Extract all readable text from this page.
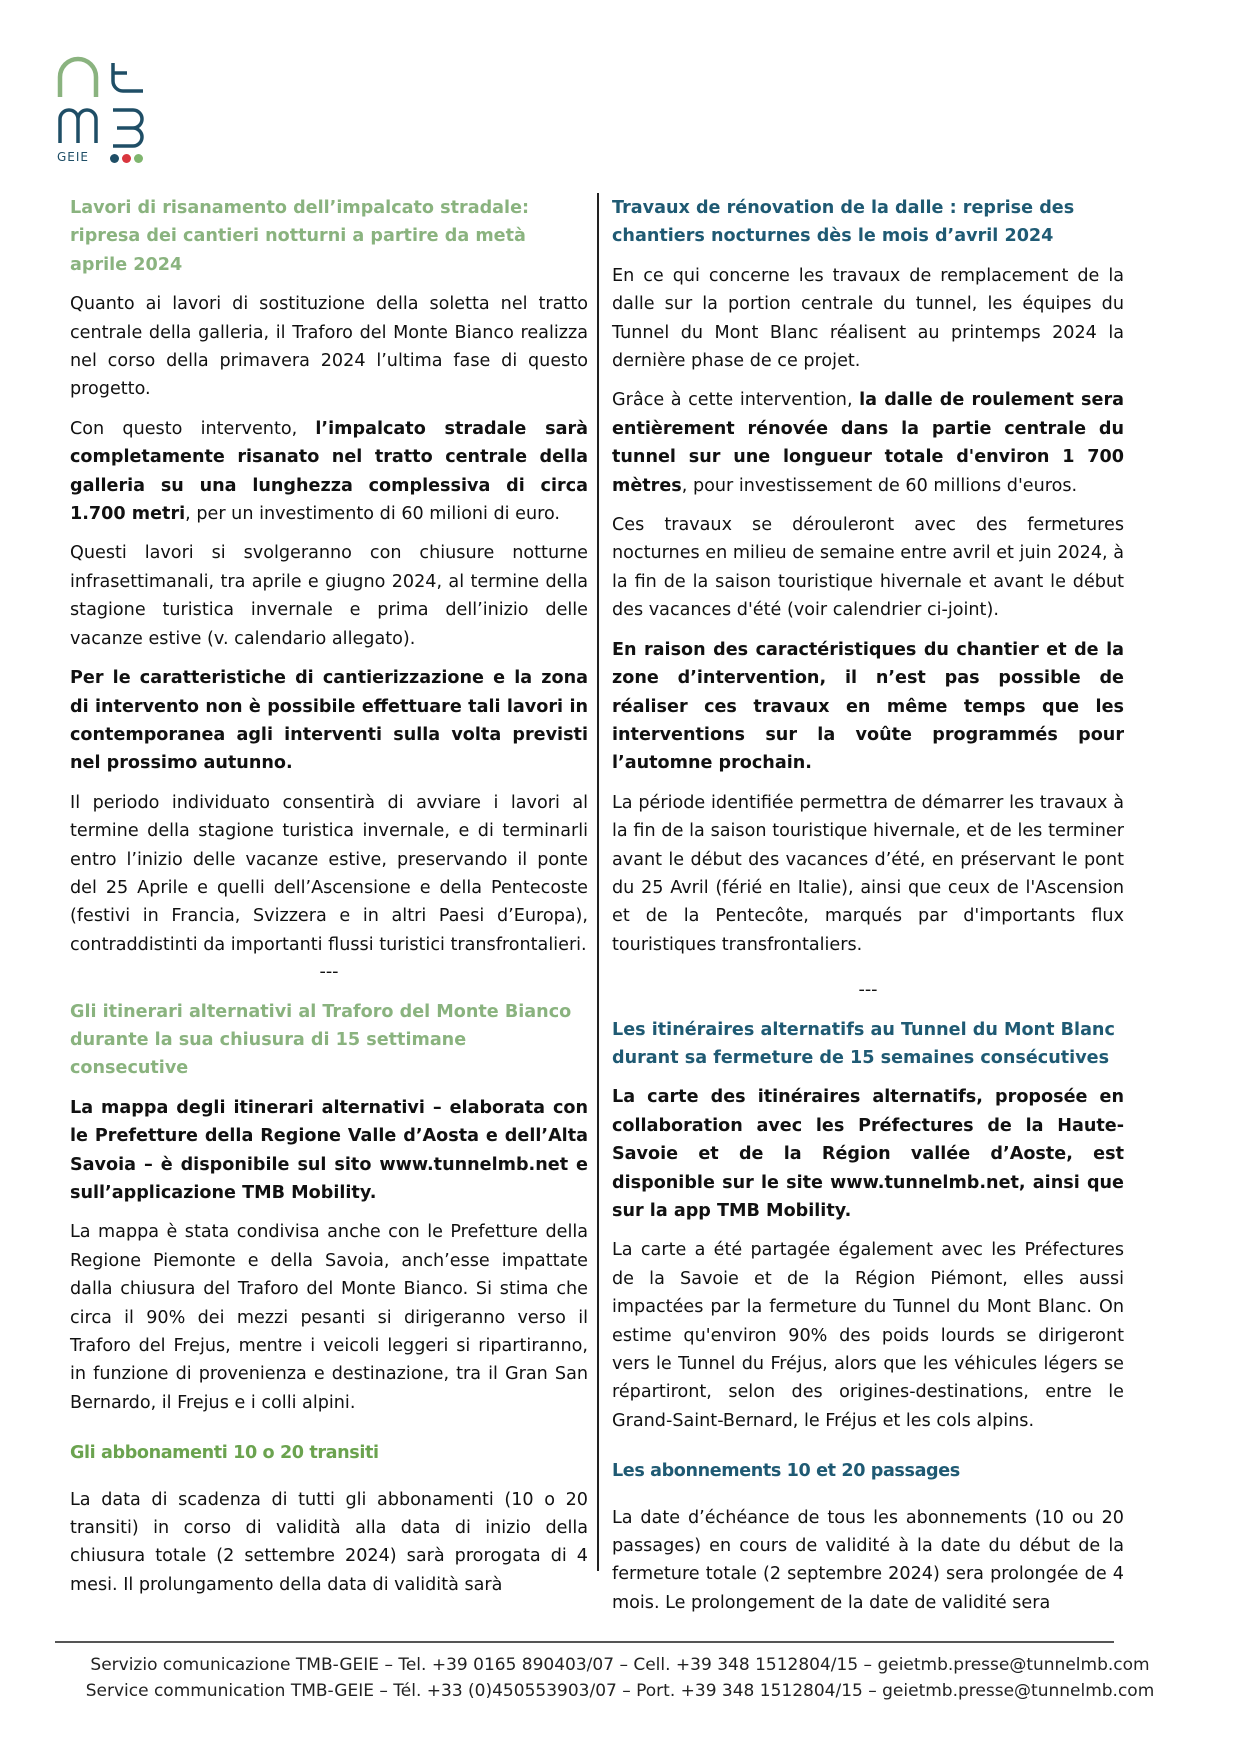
GEIE
Lavori di risanamento dell’impalcato stradale: ripresa dei cantieri notturni a partire da metà aprile 2024

Quanto ai lavori di sostituzione della soletta nel tratto centrale della galleria, il Traforo del Monte Bianco realizza nel corso della primavera 2024 l’ultima fase di questo progetto.

Con questo intervento, l’impalcato stradale sarà completamente risanato nel tratto centrale della galleria su una lunghezza complessiva di circa 1.700 metri, per un investimento di 60 milioni di euro.

Questi lavori si svolgeranno con chiusure notturne infrasettimanali, tra aprile e giugno 2024, al termine della stagione turistica invernale e prima dell’inizio delle vacanze estive (v. calendario allegato).

Per le caratteristiche di cantierizzazione e la zona di intervento non è possibile effettuare tali lavori in contemporanea agli interventi sulla volta previsti nel prossimo autunno.

Il periodo individuato consentirà di avviare i lavori al termine della stagione turistica invernale, e di terminarli entro l’inizio delle vacanze estive, preservando il ponte del 25 Aprile e quelli dell’Ascensione e della Pentecoste (festivi in Francia, Svizzera e in altri Paesi d’Europa), contraddistinti da importanti flussi turistici transfrontalieri.

---
Gli itinerari alternativi al Traforo del Monte Bianco durante la sua chiusura di 15 settimane consecutive

La mappa degli itinerari alternativi – elaborata con le Prefetture della Regione Valle d’Aosta e dell’Alta Savoia – è disponibile sul sito www.tunnelmb.net e sull’applicazione TMB Mobility.

La mappa è stata condivisa anche con le Prefetture della Regione Piemonte e della Savoia, anch’esse impattate dalla chiusura del Traforo del Monte Bianco. Si stima che circa il 90% dei mezzi pesanti si dirigeranno verso il Traforo del Frejus, mentre i veicoli leggeri si ripartiranno, in funzione di provenienza e destinazione, tra il Gran San Bernardo, il Frejus e i colli alpini.

Gli abbonamenti 10 o 20 transiti

La data di scadenza di tutti gli abbonamenti (10 o 20 transiti) in corso di validità alla data di inizio della chiusura totale (2 settembre 2024) sarà prorogata di 4 mesi. Il prolungamento della data di validità sarà

Travaux de rénovation de la dalle : reprise des chantiers nocturnes dès le mois d’avril 2024

En ce qui concerne les travaux de remplacement de la dalle sur la portion centrale du tunnel, les équipes du Tunnel du Mont Blanc réalisent au printemps 2024 la dernière phase de ce projet.

Grâce à cette intervention, la dalle de roulement sera entièrement rénovée dans la partie centrale du tunnel sur une longueur totale d'environ 1 700 mètres, pour investissement de 60 millions d'euros.

Ces travaux se dérouleront avec des fermetures nocturnes en milieu de semaine entre avril et juin 2024, à la fin de la saison touristique hivernale et avant le début des vacances d'été (voir calendrier ci-joint).

En raison des caractéristiques du chantier et de la zone d’intervention, il n’est pas possible de réaliser ces travaux en même temps que les interventions sur la voûte programmés pour l’automne prochain.

La période identifiée permettra de démarrer les travaux à la fin de la saison touristique hivernale, et de les terminer avant le début des vacances d’été, en préservant le pont du 25 Avril (férié en Italie), ainsi que ceux de l'Ascension et de la Pentecôte, marqués par d'importants flux touristiques transfrontaliers.

---
Les itinéraires alternatifs au Tunnel du Mont Blanc durant sa fermeture de 15 semaines consécutives

La carte des itinéraires alternatifs, proposée en collaboration avec les Préfectures de la Haute-Savoie et de la Région vallée d’Aoste, est disponible sur le site www.tunnelmb.net, ainsi que sur la app TMB Mobility.

La carte a été partagée également avec les Préfectures de la Savoie et de la Région Piémont, elles aussi impactées par la fermeture du Tunnel du Mont Blanc. On estime qu'environ 90% des poids lourds se dirigeront vers le Tunnel du Fréjus, alors que les véhicules légers se répartiront, selon des origines-destinations, entre le Grand-Saint-Bernard, le Fréjus et les cols alpins.

Les abonnements 10 et 20 passages

La date d’échéance de tous les abonnements (10 ou 20 passages) en cours de validité à la date du début de la fermeture totale (2 septembre 2024) sera prolongée de 4 mois. Le prolongement de la date de validité sera

Servizio comunicazione TMB-GEIE – Tel. +39 0165 890403/07 – Cell. +39 348 1512804/15 – geietmb.presse@tunnelmb.com
Service communication TMB-GEIE – Tél. +33 (0)450553903/07 – Port. +39 348 1512804/15 – geietmb.presse@tunnelmb.com
